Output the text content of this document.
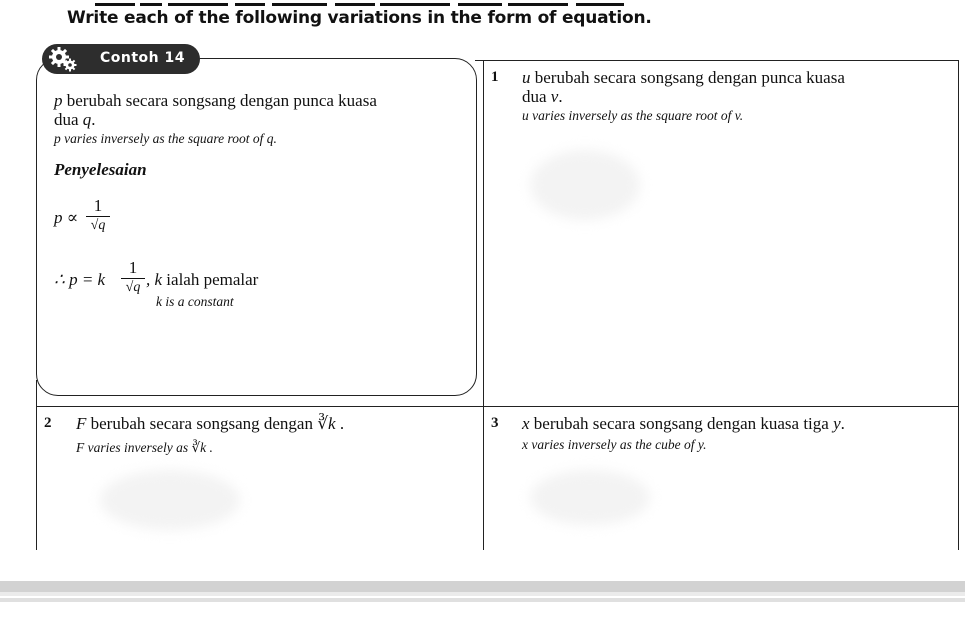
Write each of the following variations in the form of equation.
Contoh 14
p berubah secara songsang dengan punca kuasa
dua q.
p varies inversely as the square root of q.
Penyelesaian
p ∝
1
√q
∴ p = k
1
√q , k ialah pemalar
k is a constant
1 u berubah secara songsang dengan punca kuasa
dua v.
u varies inversely as the square root of v.
2 F berubah secara songsang dengan ∛k .
F varies inversely as ∛k .
3 x berubah secara songsang dengan kuasa tiga y.
x varies inversely as the cube of y.
